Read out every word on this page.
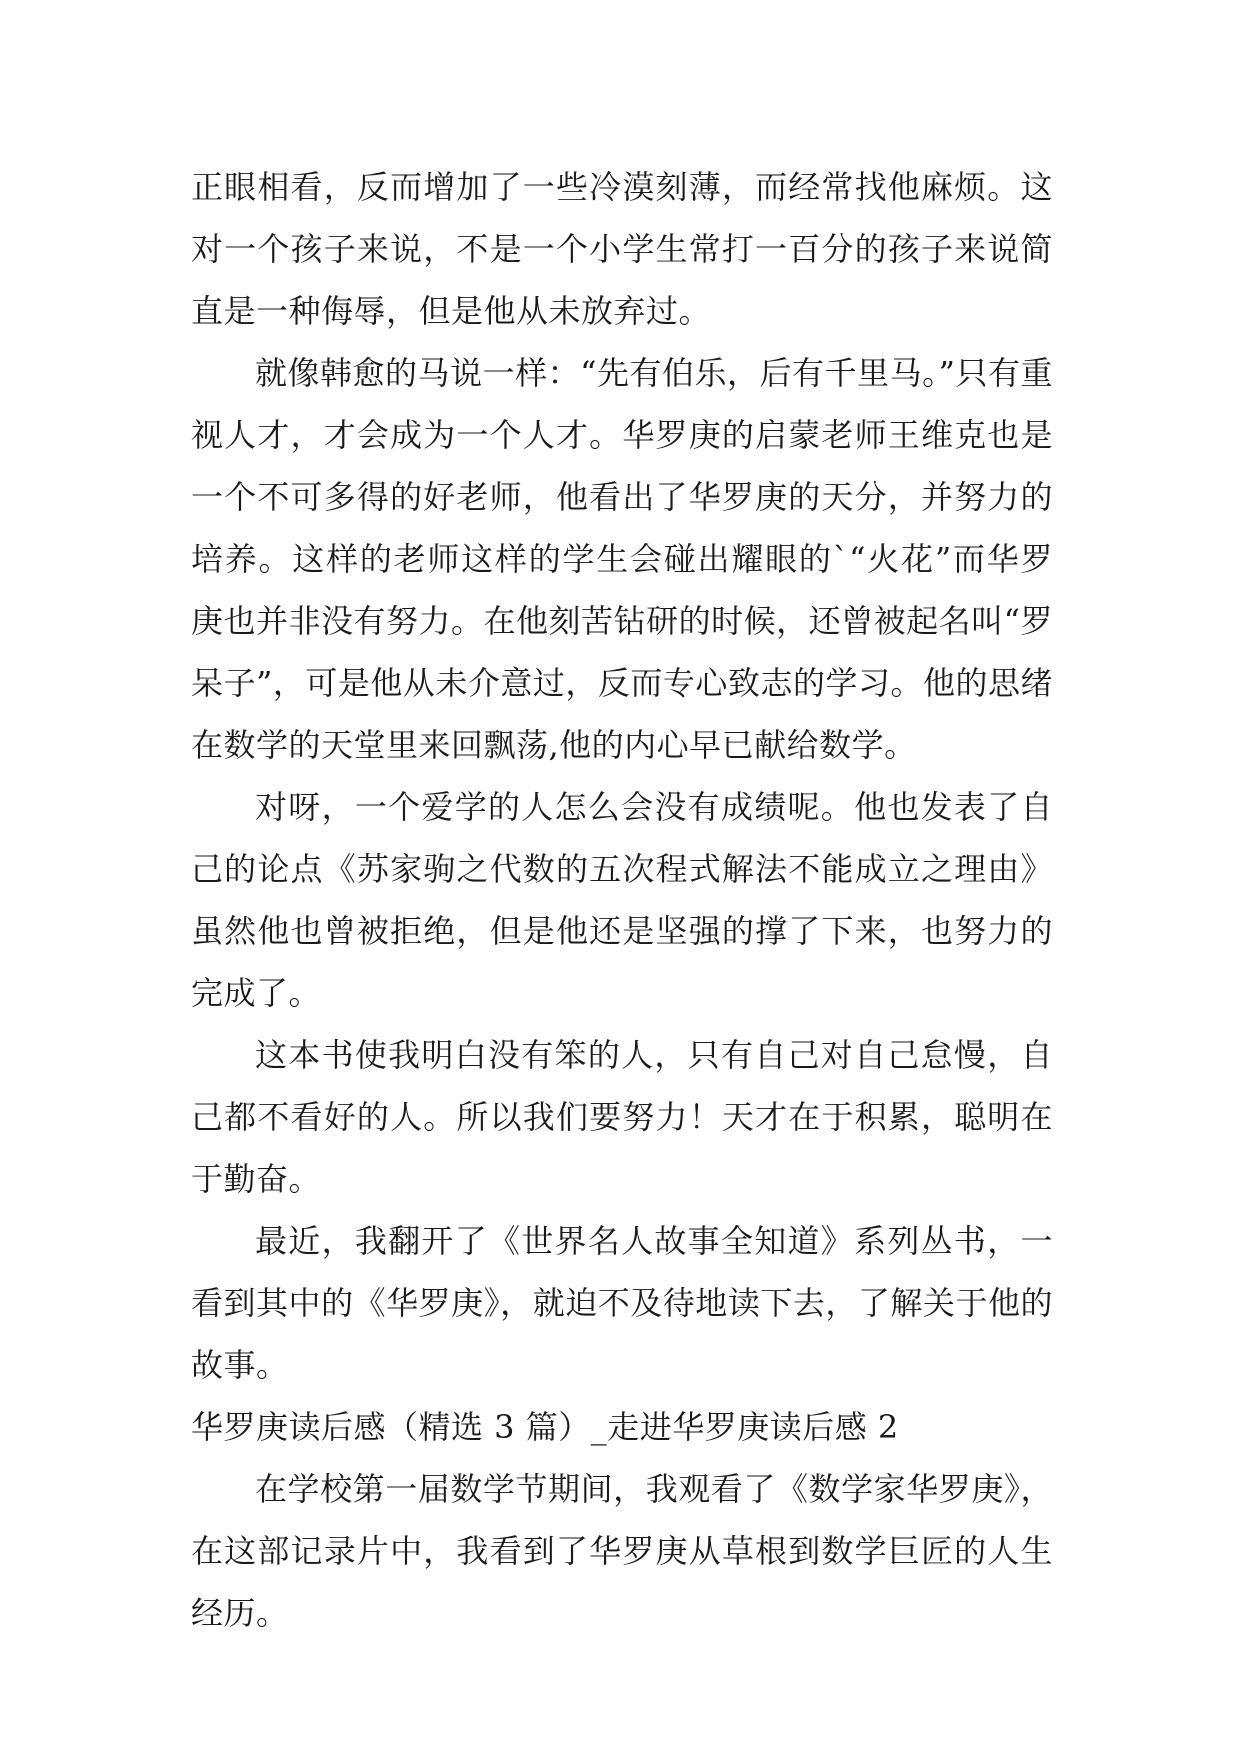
正眼相看，反而增加了一些冷漠刻薄，而经常找他麻烦。这对一个孩子来说，不是一个小学生常打一百分的孩子来说简直是一种侮辱，但是他从未放弃过。

就像韩愈的马说一样：“先有伯乐，后有千里马。”只有重视人才，才会成为一个人才。华罗庚的启蒙老师王维克也是一个不可多得的好老师，他看出了华罗庚的天分，并努力的培养。这样的老师这样的学生会碰出耀眼的`“火花”而华罗庚也并非没有努力。在他刻苦钻研的时候，还曾被起名叫“罗呆子”，可是他从未介意过，反而专心致志的学习。他的思绪在数学的天堂里来回飘荡,他的内心早已献给数学。

对呀，一个爱学的人怎么会没有成绩呢。他也发表了自己的论点《苏家驹之代数的五次程式解法不能成立之理由》虽然他也曾被拒绝，但是他还是坚强的撑了下来，也努力的完成了。

这本书使我明白没有笨的人，只有自己对自己怠慢，自己都不看好的人。所以我们要努力！天才在于积累，聪明在于勤奋。

最近，我翻开了《世界名人故事全知道》系列丛书，一看到其中的《华罗庚》，就迫不及待地读下去，了解关于他的故事。

华罗庚读后感（精选 3 篇）_走进华罗庚读后感 2

在学校第一届数学节期间，我观看了《数学家华罗庚》，在这部记录片中，我看到了华罗庚从草根到数学巨匠的人生经历。
